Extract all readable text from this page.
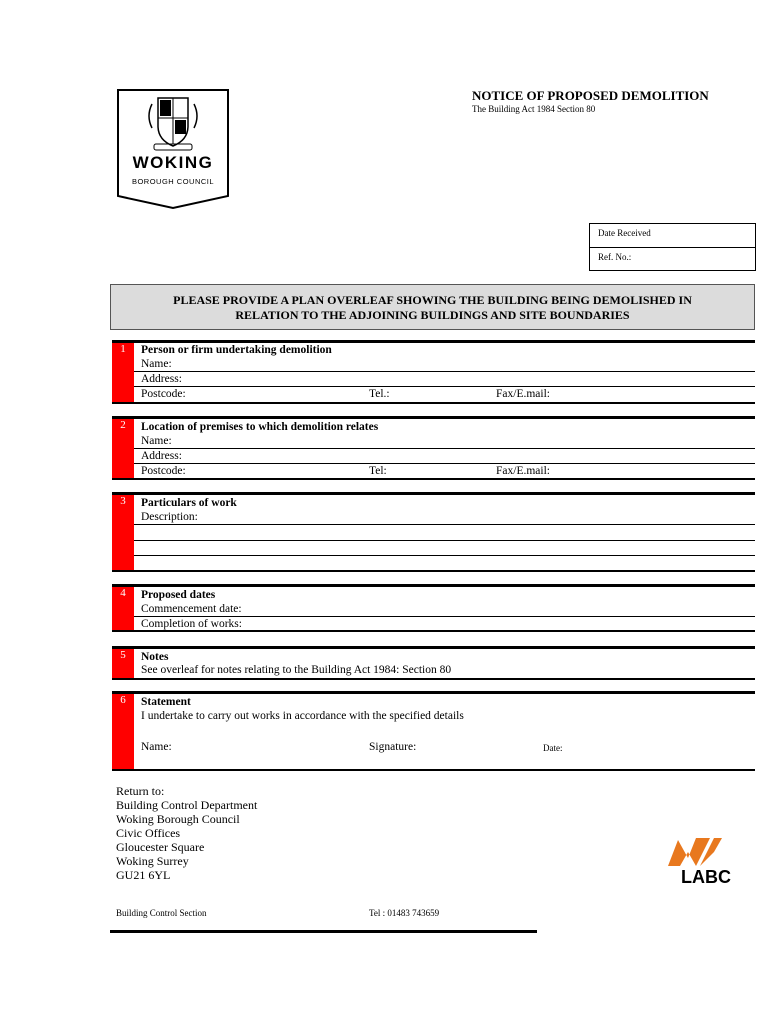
WOKING
BOROUGH COUNCIL
NOTICE OF PROPOSED DEMOLITION
The Building Act 1984 Section 80
Date Received
Ref. No.:
PLEASE PROVIDE A PLAN OVERLEAF SHOWING THE BUILDING BEING DEMOLISHED IN
RELATION TO THE ADJOINING BUILDINGS AND SITE BOUNDARIES
1	Person or firm undertaking demolition
Name:
Address:
Postcode:	Tel.:	Fax/E.mail:
2	Location of premises to which demolition relates
Name:
Address:
Postcode:	Tel:	Fax/E.mail:
3	Particulars of work
Description:
4	Proposed dates
Commencement date:
Completion of works:
5	Notes
See overleaf for notes relating to the Building Act 1984: Section 80
6	Statement
I undertake to carry out works in accordance with the specified details
Name:	Signature:	Date:
Return to:
Building Control Department
Woking Borough Council
Civic Offices
Gloucester Square
Woking Surrey
GU21 6YL	LABC
Building Control Section	Tel : 01483 743659
